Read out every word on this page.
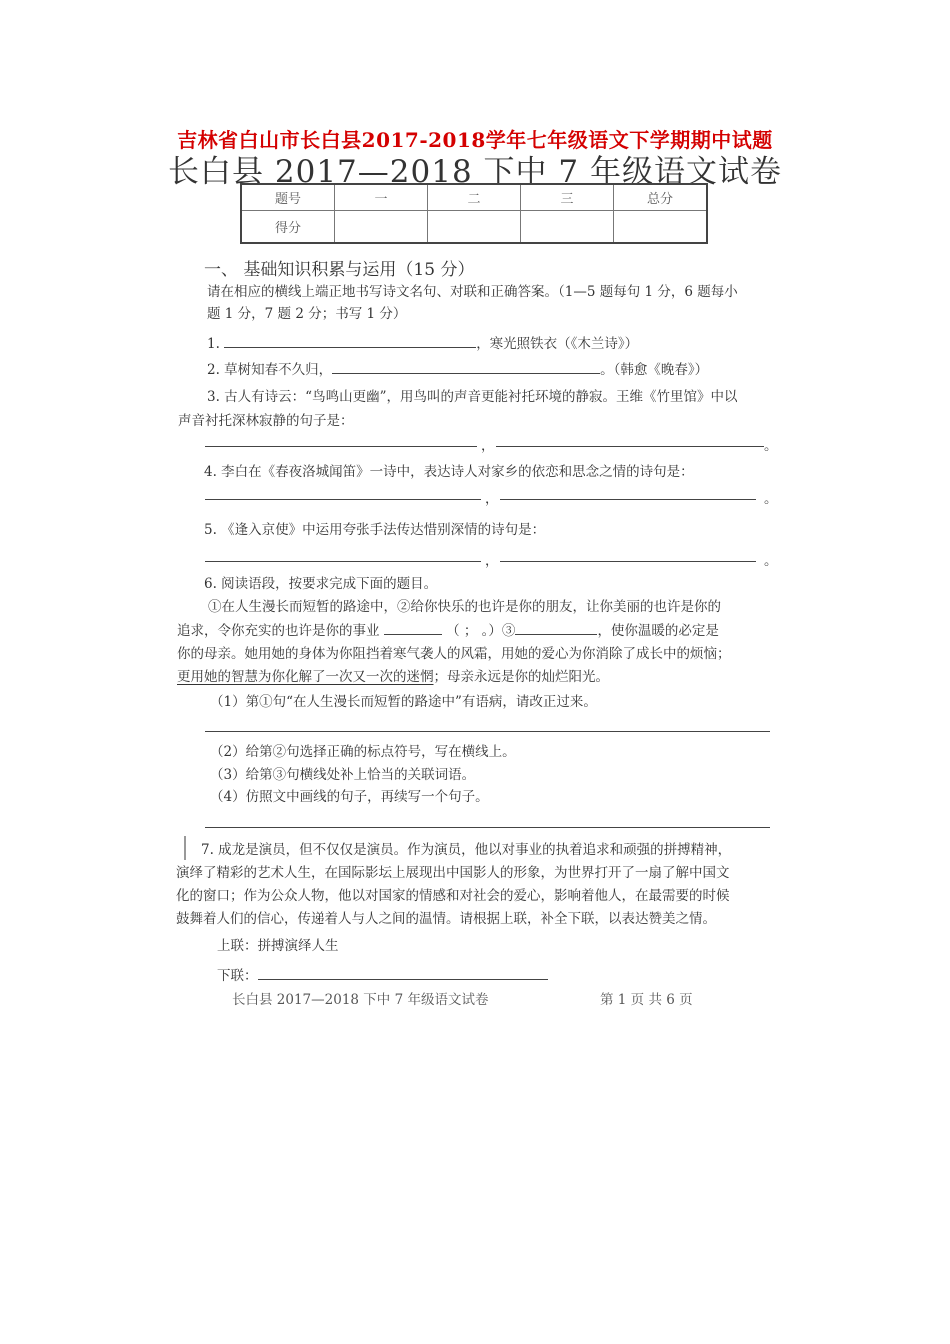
吉林省白山市长白县2017-2018学年七年级语文下学期期中试题
长白县 2017—2018 下中 7 年级语文试卷
题号	一	二	三	总分
得分				
一、 基础知识积累与运用（15 分）
请在相应的横线上端正地书写诗文名句、对联和正确答案。（1—5 题每句 1 分，6 题每小
题 1 分，7 题 2 分；书写 1 分）
1.	，寒光照铁衣（《木兰诗》）
2. 草树知春不久归，	。（韩愈《晚春》）
3. 古人有诗云：“鸟鸣山更幽”，用鸟叫的声音更能衬托环境的静寂。王维《竹里馆》中以
声音衬托深林寂静的句子是：
，	。
4. 李白在《春夜洛城闻笛》一诗中，表达诗人对家乡的依恋和思念之情的诗句是：
，	。
5. 《逢入京使》中运用夸张手法传达惜别深情的诗句是：
，	。
6. 阅读语段，按要求完成下面的题目。
①在人生漫长而短暂的路途中，②给你快乐的也许是你的朋友，让你美丽的也许是你的
追求，令你充实的也许是你的事业	（ ； 。）③	，使你温暖的必定是
你的母亲。她用她的身体为你阻挡着寒气袭人的风霜，用她的爱心为你消除了成长中的烦恼；
更用她的智慧为你化解了一次又一次的迷惘；母亲永远是你的灿烂阳光。
（1）第①句“在人生漫长而短暂的路途中”有语病，请改正过来。
（2）给第②句选择正确的标点符号，写在横线上。
（3）给第③句横线处补上恰当的关联词语。
（4）仿照文中画线的句子，再续写一个句子。
7. 成龙是演员，但不仅仅是演员。作为演员，他以对事业的执着追求和顽强的拼搏精神，
演绎了精彩的艺术人生，在国际影坛上展现出中国影人的形象，为世界打开了一扇了解中国文
化的窗口；作为公众人物，他以对国家的情感和对社会的爱心，影响着他人，在最需要的时候
鼓舞着人们的信心，传递着人与人之间的温情。请根据上联，补全下联，以表达赞美之情。
上联：拼搏演绎人生
下联：
长白县 2017—2018 下中 7 年级语文试卷	第 1 页 共 6 页
